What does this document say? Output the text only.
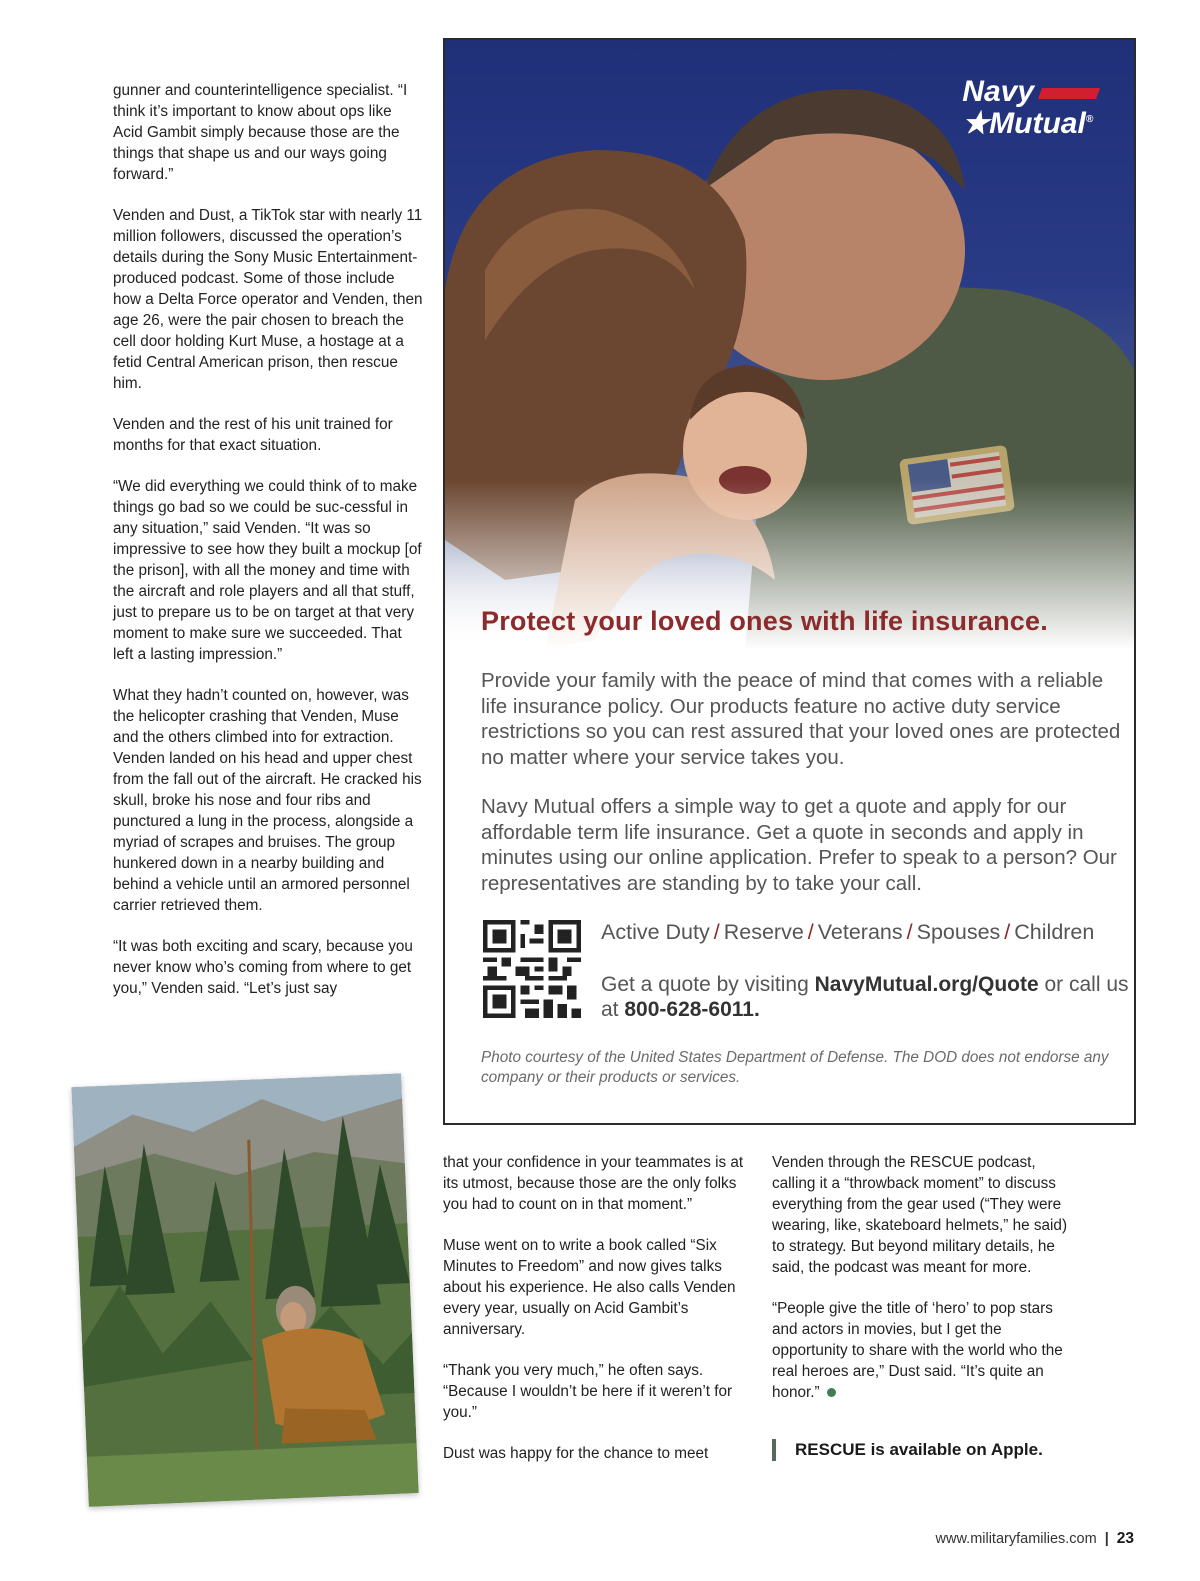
gunner and counterintelligence specialist. “I think it’s important to know about ops like Acid Gambit simply because those are the things that shape us and our ways going forward.”

Venden and Dust, a TikTok star with nearly 11 million followers, discussed the operation’s details during the Sony Music Entertainment-produced podcast. Some of those include how a Delta Force operator and Venden, then age 26, were the pair chosen to breach the cell door holding Kurt Muse, a hostage at a fetid Central American prison, then rescue him.

Venden and the rest of his unit trained for months for that exact situation.

“We did everything we could think of to make things go bad so we could be suc-cessful in any situation,” said Venden. “It was so impressive to see how they built a mockup [of the prison], with all the money and time with the aircraft and role players and all that stuff, just to prepare us to be on target at that very moment to make sure we succeeded. That left a lasting impression.”

What they hadn’t counted on, however, was the helicopter crashing that Venden, Muse and the others climbed into for extraction. Venden landed on his head and upper chest from the fall out of the aircraft. He cracked his skull, broke his nose and four ribs and punctured a lung in the process, alongside a myriad of scrapes and bruises. The group hunkered down in a nearby building and behind a vehicle until an armored personnel carrier retrieved them.

“It was both exciting and scary, because you never know who’s coming from where to get you,” Venden said. “Let’s just say

Navy
★Mutual®
Protect your loved ones with life insurance.
Provide your family with the peace of mind that comes with a reliable life insurance policy. Our products feature no active duty service restrictions so you can rest assured that your loved ones are protected no matter where your service takes you.
Navy Mutual offers a simple way to get a quote and apply for our affordable term life insurance. Get a quote in seconds and apply in minutes using our online application. Prefer to speak to a person? Our representatives are standing by to take your call.
Active Duty / Reserve / Veterans / Spouses / Children
Get a quote by visiting NavyMutual.org/Quote or call us at 800-628-6011.
Photo courtesy of the United States Department of Defense. The DOD does not endorse any company or their products or services.

that your confidence in your teammates is at its utmost, because those are the only folks you had to count on in that moment.”

Muse went on to write a book called “Six Minutes to Freedom” and now gives talks about his experience. He also calls Venden every year, usually on Acid Gambit’s anniversary.

“Thank you very much,” he often says. “Because I wouldn’t be here if it weren’t for you.”

Dust was happy for the chance to meet

Venden through the RESCUE podcast, calling it a “throwback moment” to discuss everything from the gear used (“They were wearing, like, skateboard helmets,” he said) to strategy. But beyond military details, he said, the podcast was meant for more.

“People give the title of ‘hero’ to pop stars and actors in movies, but I get the opportunity to share with the world who the real heroes are,” Dust said. “It’s quite an honor.”

RESCUE is available on Apple.
www.militaryfamilies.com | 23
